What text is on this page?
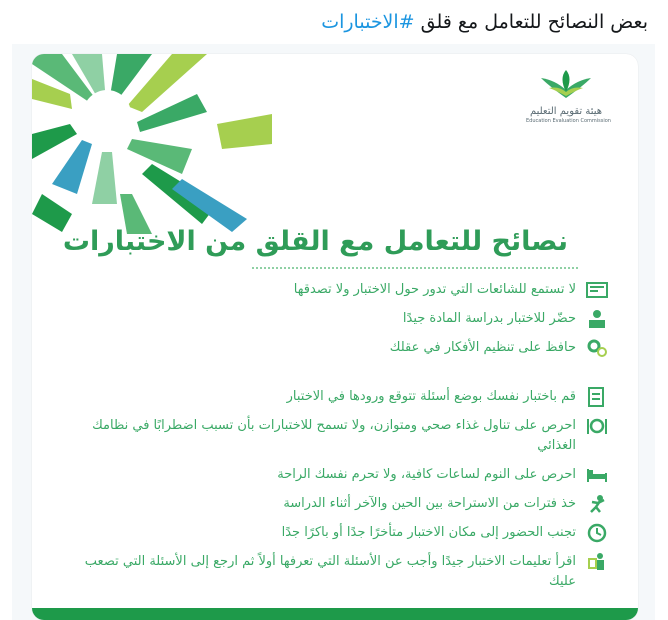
بعض النصائح للتعامل مع قلق #الاختبارات
هيئة تقويم التعليم
Education Evaluation Commission
نصائح للتعامل مع القلق من الاختبارات
لا تستمع للشائعات التي تدور حول الاختبار ولا تصدقها
حضّر للاختبار بدراسة المادة جيدًا
حافظ على تنظيم الأفكار في عقلك
قم باختبار نفسك بوضع أسئلة تتوقع ورودها في الاختبار
احرص على تناول غذاء صحي ومتوازن، ولا تسمح للاختبارات بأن تسبب اضطرابًا في نظامك الغذائي
احرص على النوم لساعات كافية، ولا تحرم نفسك الراحة
خذ فترات من الاستراحة بين الحين والآخر أثناء الدراسة
تجنب الحضور إلى مكان الاختبار متأخرًا جدًا أو باكرًا جدًا
اقرأ تعليمات الاختبار جيدًا وأجب عن الأسئلة التي تعرفها أولاً ثم ارجع إلى الأسئلة التي تصعب عليك
